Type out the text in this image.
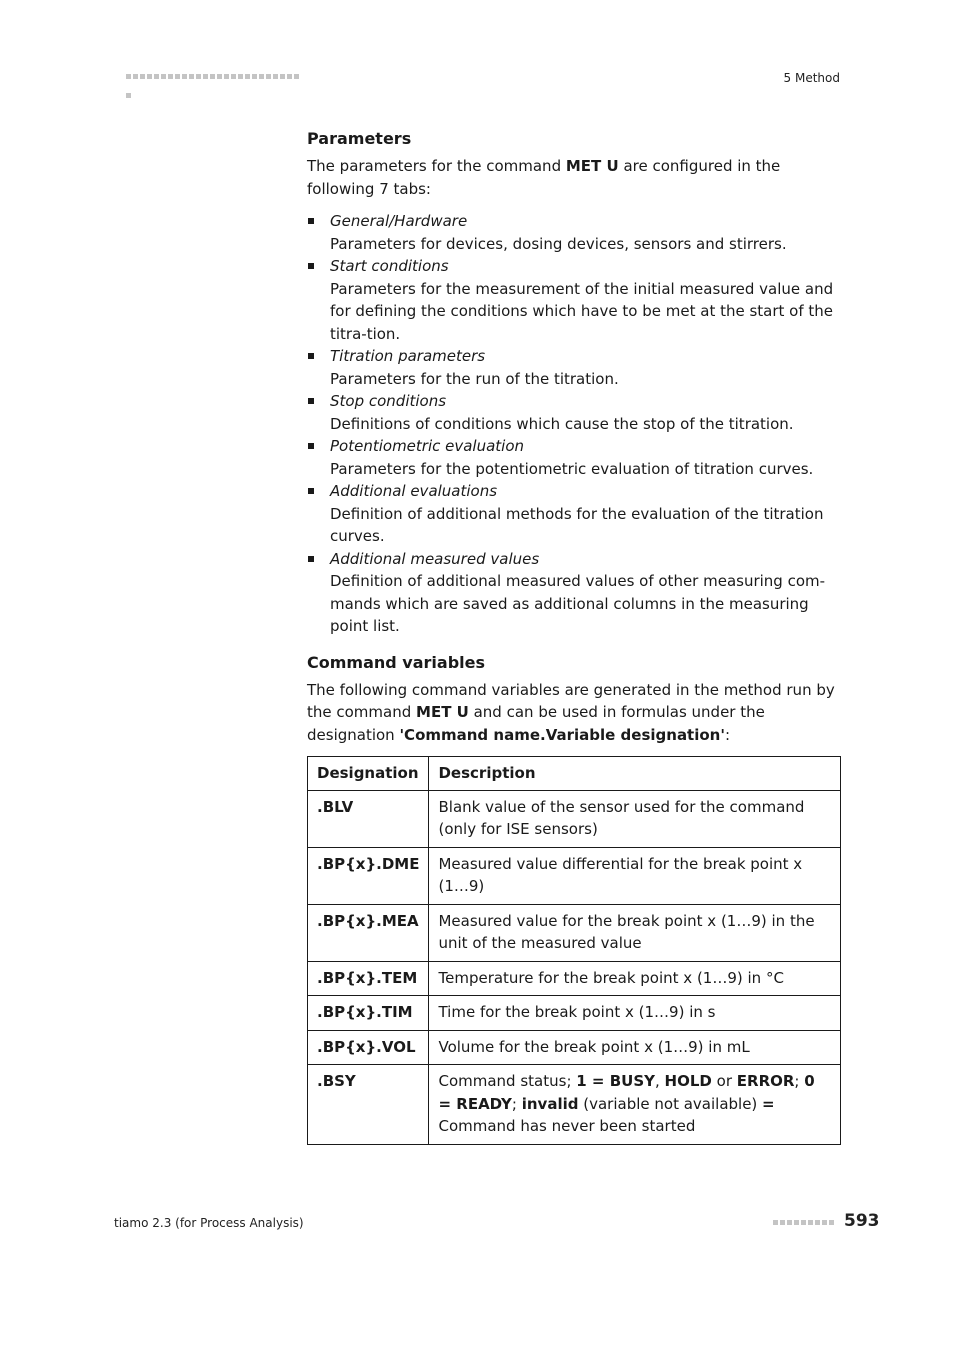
5 Method
Parameters

The parameters for the command MET U are configured in the following 7 tabs:

General/Hardware
Parameters for devices, dosing devices, sensors and stirrers.
Start conditions
Parameters for the measurement of the initial measured value and for defining the conditions which have to be met at the start of the titra-tion.
Titration parameters
Parameters for the run of the titration.
Stop conditions
Definitions of conditions which cause the stop of the titration.
Potentiometric evaluation
Parameters for the potentiometric evaluation of titration curves.
Additional evaluations
Definition of additional methods for the evaluation of the titration curves.
Additional measured values
Definition of additional measured values of other measuring com-mands which are saved as additional columns in the measuring point list.
Command variables

The following command variables are generated in the method run by the command MET U and can be used in formulas under the designation 'Command name.Variable designation':

Designation	Description
.BLV	Blank value of the sensor used for the command (only for ISE sensors)
.BP{x}.DME	Measured value differential for the break point x (1…9)
.BP{x}.MEA	Measured value for the break point x (1…9) in the unit of the measured value
.BP{x}.TEM	Temperature for the break point x (1…9) in °C
.BP{x}.TIM	Time for the break point x (1…9) in s
.BP{x}.VOL	Volume for the break point x (1…9) in mL
.BSY	Command status; 1 = BUSY, HOLD or ERROR; 0 = READY; invalid (variable not available) = Command has never been started
tiamo 2.3 (for Process Analysis)	593
